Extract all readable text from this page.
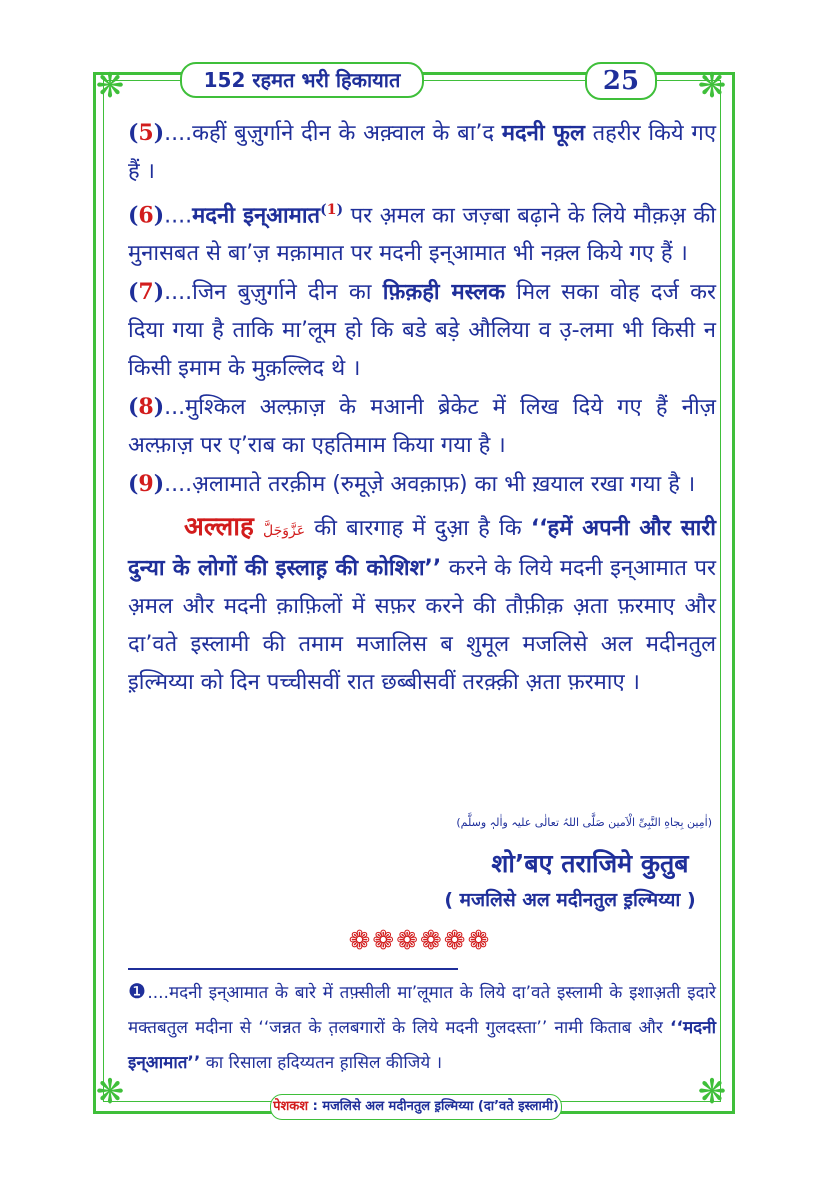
❋	❋
❋	❋
152 रहमत भरी हिकायात	25

(5)....कहीं बुज़ुर्गाने दीन के अक़्वाल के बा’द मदनी फूल तहरीर किये गए हैं ।

(6)....मदनी इन्आमात$^{(1)}$ पर अ़मल का जज़्बा बढ़ाने के लिये मौक़अ़ की मुनासबत से बा’ज़ मक़ामात पर मदनी इन्आमात भी नक़्ल किये गए हैं ।

(7)....जिन बुज़ुर्गाने दीन का फ़िक़ही मस्लक मिल सका वोह दर्ज कर दिया गया है ताकि मा’लूम हो कि बडे बड़े औलिया व उ़-लमा भी किसी न किसी इमाम के मुक़ल्लिद थे ।

(8)...मुश्किल अल्फ़ाज़ के मआनी ब्रेकेट में लिख दिये गए हैं नीज़ अल्फ़ाज़ पर ए’राब का एहतिमाम किया गया है ।

(9)....अ़लामाते तरक़ीम (रुमूज़े अवक़ाफ़) का भी ख़याल रखा गया है ।

अल्लाह عَزَّوَجَلَّ की बारगाह में दुआ़ है कि ‘‘हमें अपनी और सारी दुन्या के लोगों की इस्लाह़ की कोशिश’’ करने के लिये मदनी इन्आमात पर अ़मल और मदनी क़ाफ़िलों में सफ़र करने की तौफ़ीक़ अ़ता फ़रमाए और दा’वते इस्लामी की तमाम मजालिस ब शुमूल मजलिसे अल मदीनतुल इ़ल्मिय्या को दिन पच्चीसवीं रात छब्बीसवीं तरक़्क़ी अ़ता फ़रमाए ।

(اٰمِين بِجاهِ النَّبِیِّ الْاَمین صَلَّی اللہُ تعالٰی علیہ واٰلہٖ وسلَّم)
शो’बए तराजिमे कुतुब
( मजलिसे अल मदीनतुल इ़ल्मिय्या )
❁❁❁❁❁❁
❶....मदनी इन्आमात के बारे में तफ़्सीली मा’लूमात के लिये दा’वते इस्लामी के इशाअ़ती इदारे मक्तबतुल मदीना से ‘‘जन्नत के त़लबगारों के लिये मदनी गुलदस्ता’’ नामी किताब और ‘‘मदनी इन्आमात’’ का रिसाला हदिय्यतन ह़ासिल कीजिये ।
पेशकश : मजलिसे अल मदीनतुल इ़ल्मिय्या (दा’वते इस्लामी)
